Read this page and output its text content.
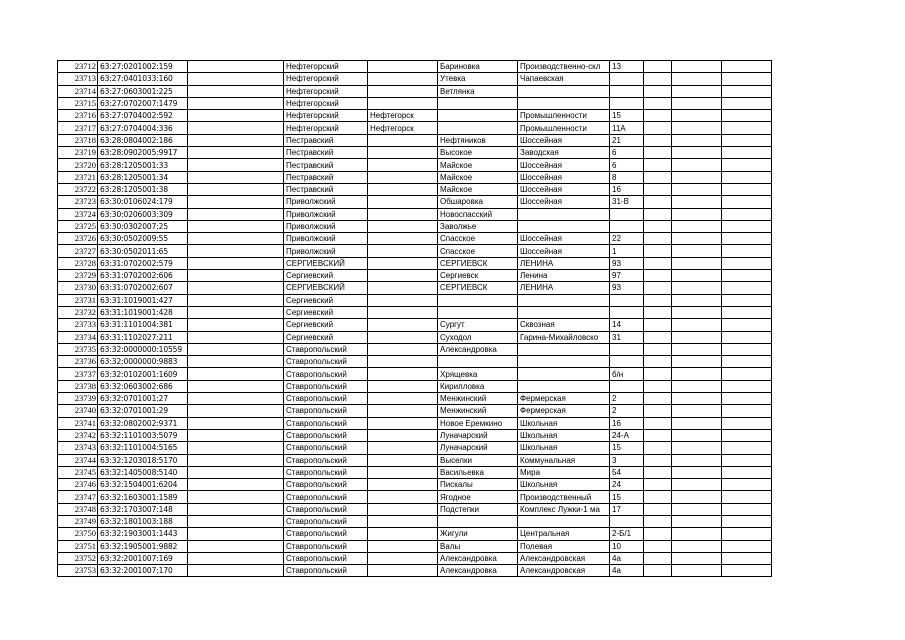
23712	63:27:0201002:159		Нефтегорский		Бариновка	Производственно-скл	13			
23713	63:27:0401033:160		Нефтегорский		Утевка	Чапаевская				
23714	63:27:0603001:225		Нефтегорский		Ветлянка					
23715	63:27:0702007:1479		Нефтегорский							
23716	63:27:0704002:592		Нефтегорский	Нефтегорск		Промышленности	15			
23717	63:27:0704004:336		Нефтегорский	Нефтегорск		Промышленности	11А			
23718	63:28:0804002:186		Пестравский		Нефтяников	Шоссейная	21			
23719	63:28:0902005:9917		Пестравский		Высокое	Заводская	6			
23720	63:28:1205001:33		Пестравский		Майское	Шоссейная	6			
23721	63:28:1205001:34		Пестравский		Майское	Шоссейная	8			
23722	63:28:1205001:38		Пестравский		Майское	Шоссейная	16			
23723	63:30:0106024:179		Приволжский		Обшаровка	Шоссейная	31-В			
23724	63:30:0206003:309		Приволжский		Новоспасский					
23725	63:30:0302007:25		Приволжский		Заволжье					
23726	63:30:0502009:55		Приволжский		Спасское	Шоссейная	22			
23727	63:30:0502011:65		Приволжский		Спасское	Шоссейная	1			
23728	63:31:0702002:579		СЕРГИЕВСКИЙ		СЕРГИЕВСК	ЛЕНИНА	93			
23729	63:31:0702002:606		Сергиевский		Сергиевск	Ленина	97			
23730	63:31:0702002:607		СЕРГИЕВСКИЙ		СЕРГИЕВСК	ЛЕНИНА	93			
23731	63:31:1019001:427		Сергиевский							
23732	63:31:1019001:428		Сергиевский							
23733	63:31:1101004:381		Сергиевский		Сургут	Сквозная	14			
23734	63:31:1102027:211		Сергиевский		Суходол	Гарина-Михайловско	31			
23735	63:32:0000000:10559		Ставропольский		Александровка					
23736	63:32:0000000:9883		Ставропольский							
23737	63:32:0102001:1609		Ставропольский		Хрящевка		б/н			
23738	63:32:0603002:686		Ставропольский		Кирилловка					
23739	63:32:0701001:27		Ставропольский		Менжинский	Фермерская	2			
23740	63:32:0701001:29		Ставропольский		Менжинский	Фермерская	2			
23741	63:32:0802002:9371		Ставропольский		Новое Еремкино	Школьная	16			
23742	63:32:1101003:5079		Ставропольский		Луначарский	Школьная	24-А			
23743	63:32:1101004:5165		Ставропольский		Луначарский	Школьная	15			
23744	63:32:1203018:5170		Ставропольский		Выселки	Коммунальная	3			
23745	63:32:1405008:5140		Ставропольский		Васильевка	Мира	54			
23746	63:32:1504001:6204		Ставропольский		Пискалы	Школьная	24			
23747	63:32:1603001:1589		Ставропольский		Ягодное	Производственный	15			
23748	63:32:1703007:148		Ставропольский		Подстепки	Комплекс Лужки-1 ма	17			
23749	63:32:1801003:188		Ставропольский							
23750	63:32:1903001:1443		Ставропольский		Жигули	Центральная	2-Б/1			
23751	63:32:1905001:9882		Ставропольский		Валы	Полевая	10			
23752	63:32:2001007:169		Ставропольский		Александровка	Александровская	4а			
23753	63:32:2001007:170		Ставропольский		Александровка	Александровская	4а			
